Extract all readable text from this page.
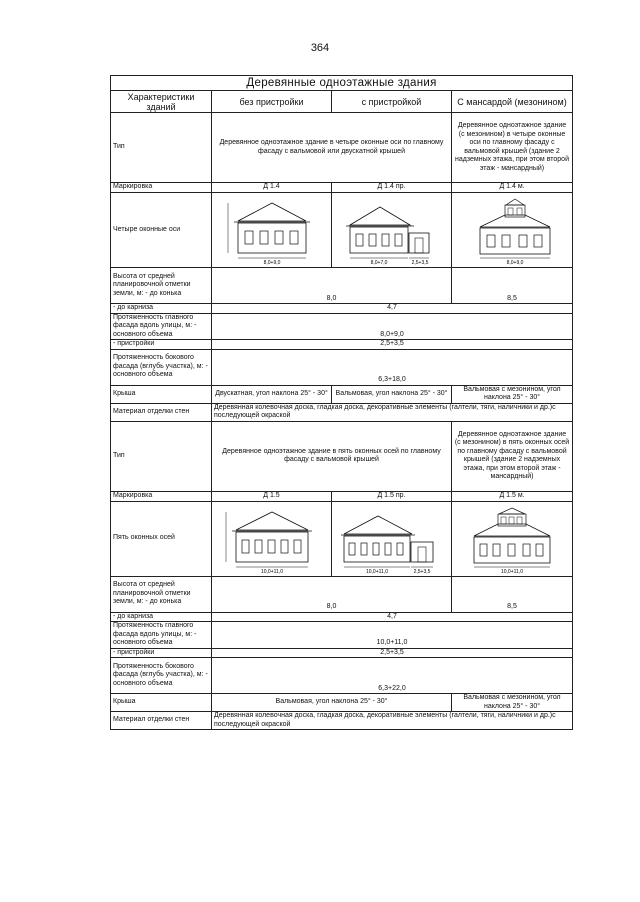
364
Деревянные одноэтажные здания			
Характеристики зданий	без пристройки	с пристройкой	С мансардой (мезонином)
Тип	Деревянное одноэтажное здание в четыре оконные оси по главному фасаду с вальмовой или двускатной крышей		Деревянное одноэтажное здание (с мезонином) в четыре оконные оси по главному фасаду с вальмовой крышей (здание 2 надземных этажа, при этом второй этаж - мансардный)
Маркировка	Д 1.4	Д 1.4 пр.	Д 1.4 м.
Четыре оконные оси	8,0+9,0	8,0+7,0 2,5+3,5	8,0+9,0

Высота от средней планировочной отметки земли, м: - до конька	8,0		8,5
- до карниза	4,7		
Протяженность главного фасада вдоль улицы, м: - основного объема	8,0+9,0		
- пристройки	2,5+3,5		
Протяженность бокового фасада (вглубь участка), м: - основного объема	6,3+18,0		
Крыша	Двускатная, угол наклона 25° - 30°	Вальмовая, угол наклона 25° - 30°	Вальмовая с мезонином, угол наклона 25° - 30°
Материал отделки стен	Деревянная колевочная доска, гладкая доска, декоративные элементы (галтели, тяги, наличники и др.)с последующей окраской		
Тип	Деревянное одноэтажное здание в пять оконных осей по главному фасаду с вальмовой крышей		Деревянное одноэтажное здание (с мезонином) в пять оконных осей по главному фасаду с вальмовой крышей (здание 2 надземных этажа, при этом второй этаж - мансардный)
Маркировка	Д 1.5	Д 1.5 пр.	Д 1.5 м.
Пять оконных осей	10,0+11,0	10,0+11,0 2,5+3,5	10,0+11,0

Высота от средней планировочной отметки земли, м: - до конька	8,0		8,5
- до карниза	4,7		
Протяженность главного фасада вдоль улицы, м: - основного объема	10,0+11,0		
- пристройки	2,5+3,5		
Протяженность бокового фасада (вглубь участка), м: - основного объема	6,3+22,0		
Крыша	Вальмовая, угол наклона 25° - 30°		Вальмовая с мезонином, угол наклона 25° - 30°
Материал отделки стен	Деревянная колевочная доска, гладкая доска, декоративные элементы (галтели, тяги, наличники и др.)с последующей окраской		
